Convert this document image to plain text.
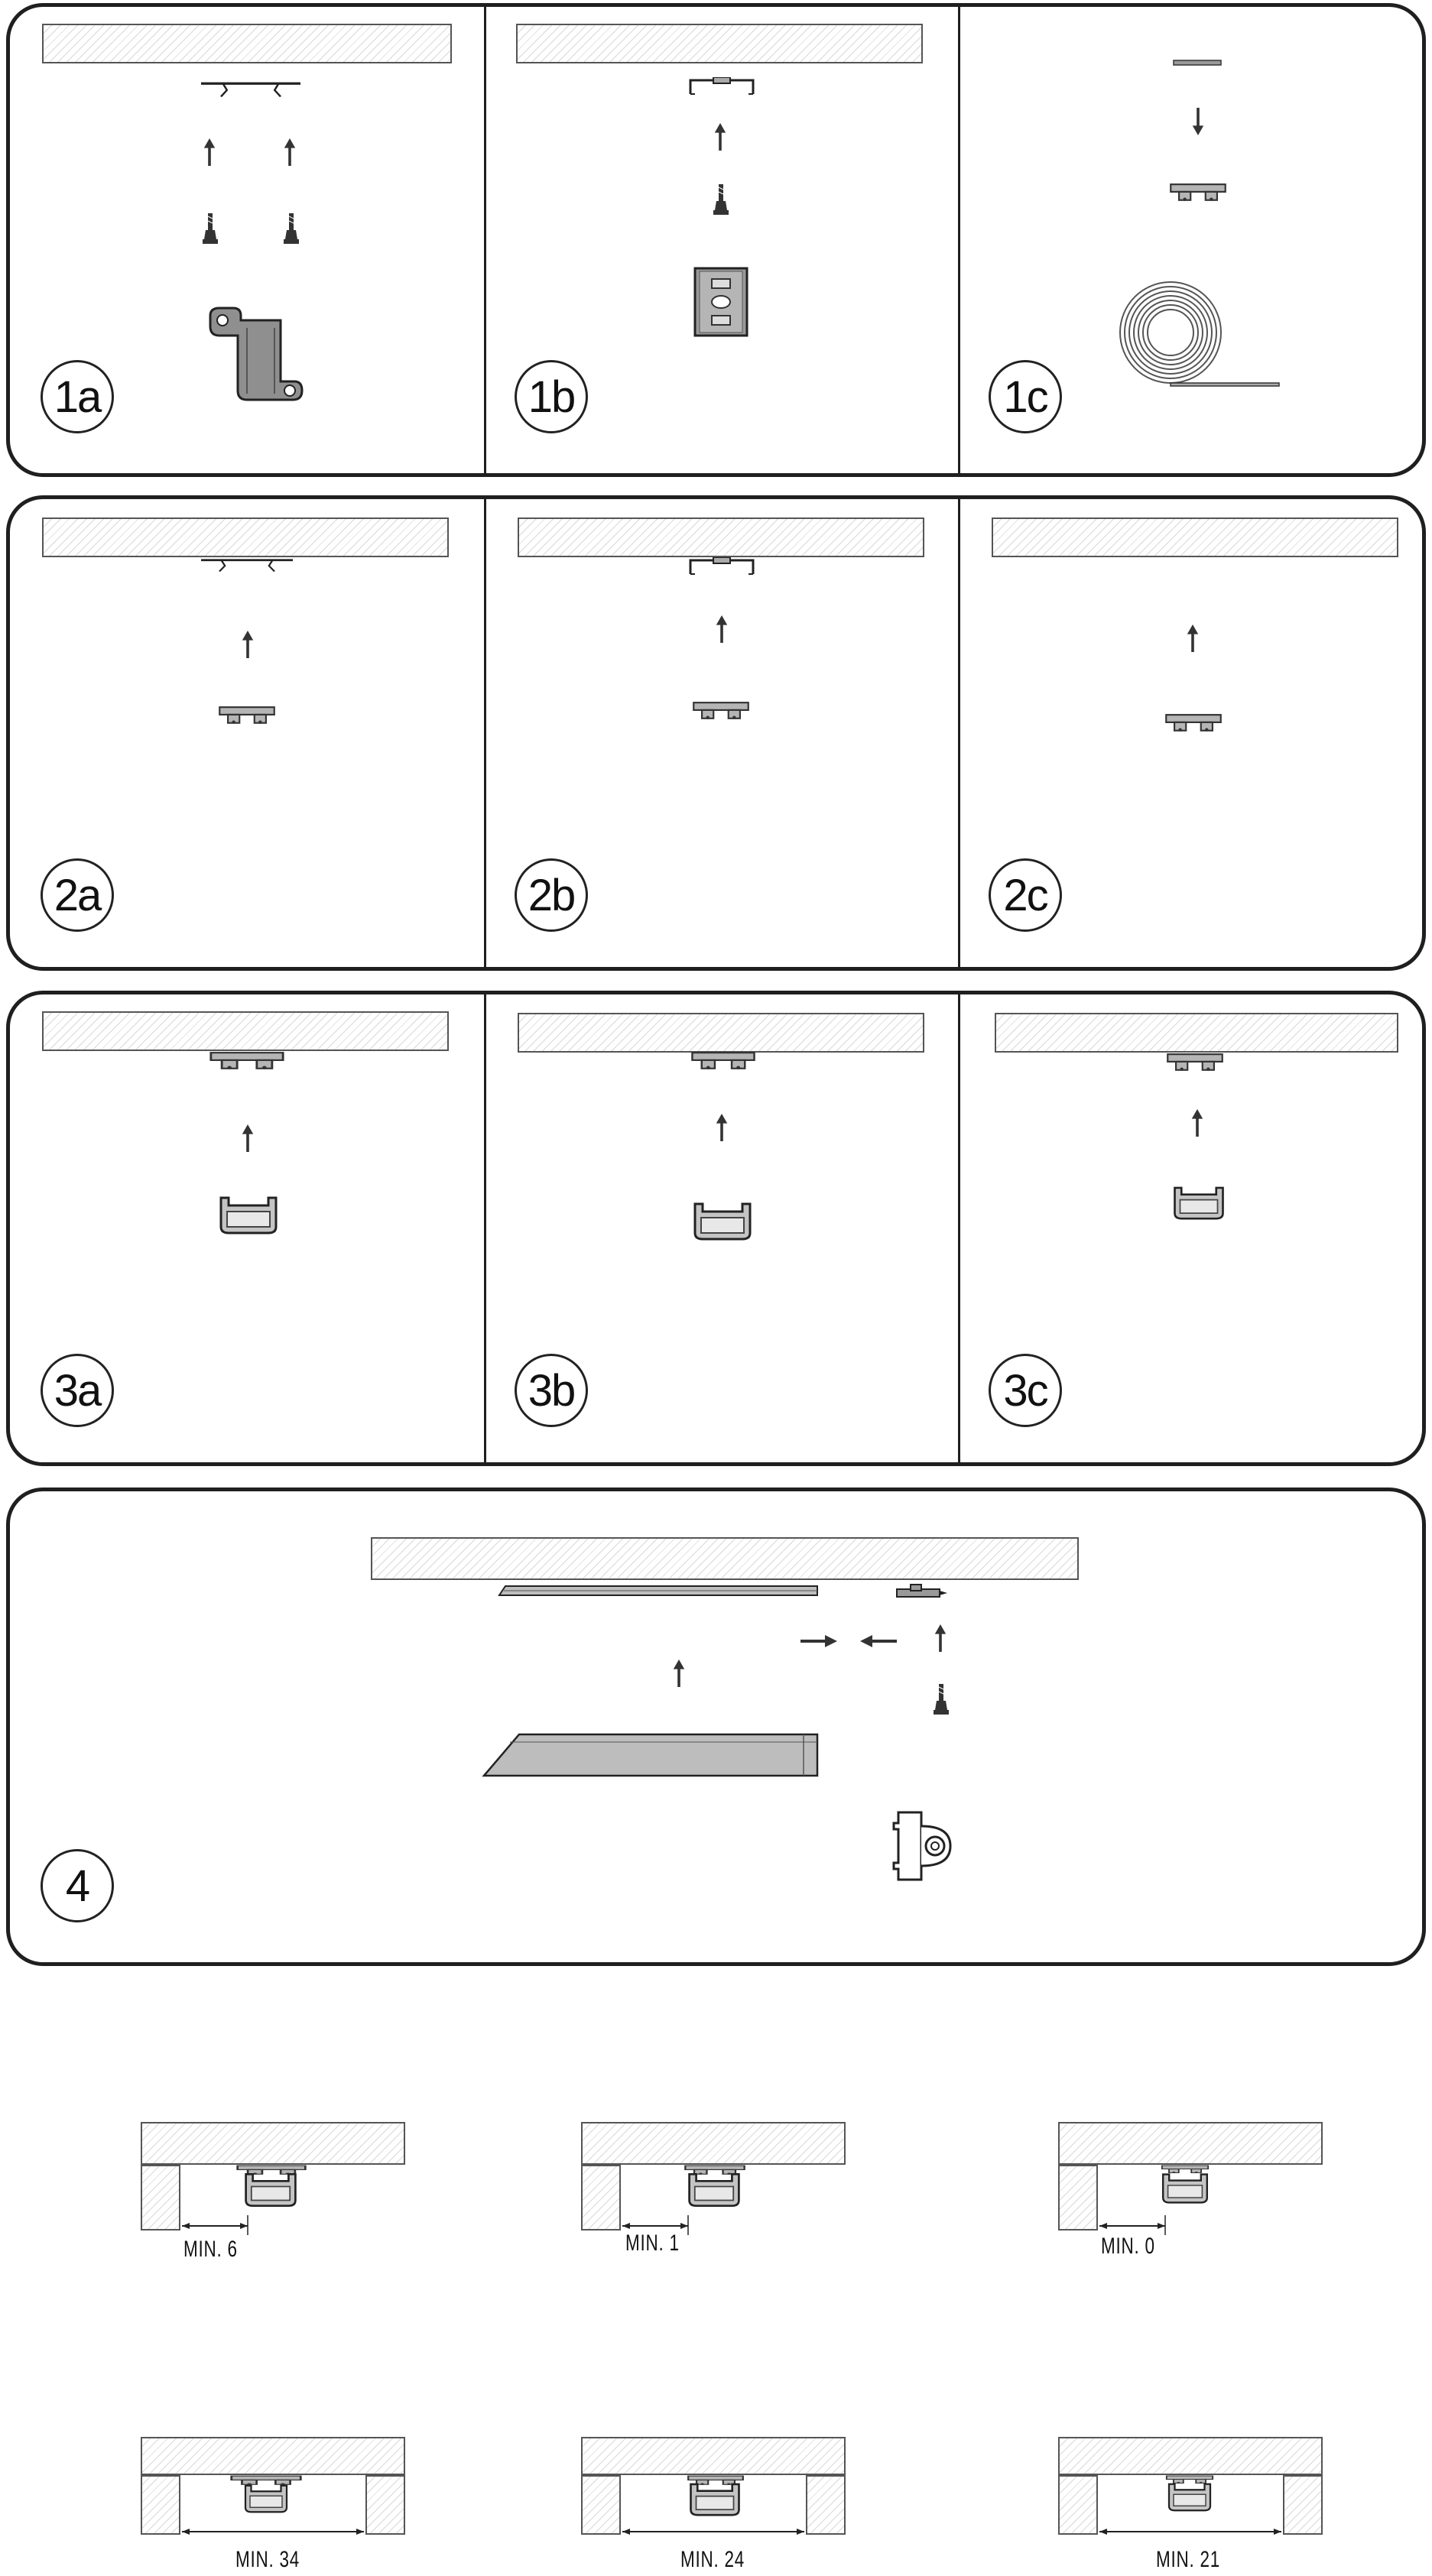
1a	1b	1c
2a	2b	2c
3a	3b	3c
4
MIN. 6	MIN. 1	MIN. 0
MIN. 34	MIN. 24	MIN. 21
